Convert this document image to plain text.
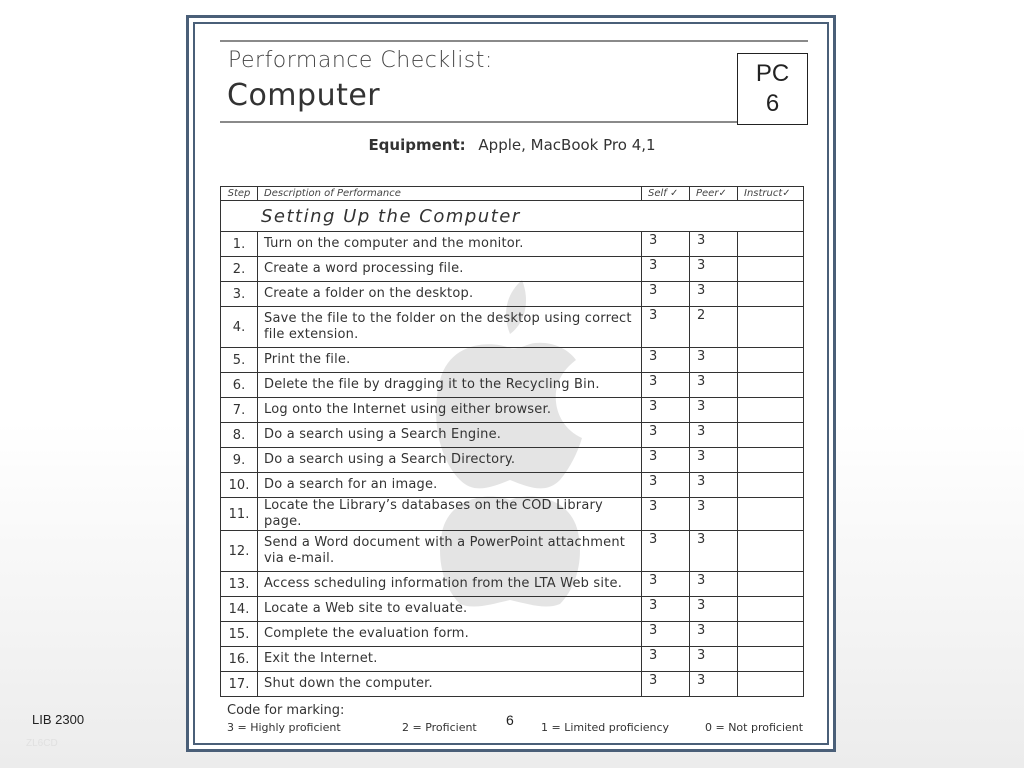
LIB 2300
ZL6CD
Performance Checklist:
Computer
PC
6
Equipment: Apple, MacBook Pro 4,1
Step	Description of Performance	Self ✓	Peer✓	Instruct✓
Setting Up the Computer				
1.	Turn on the computer and the monitor.	3	3	
2.	Create a word processing file.	3	3	
3.	Create a folder on the desktop.	3	3	
4.	Save the file to the folder on the desktop using correct file extension.	3	2	
5.	Print the file.	3	3	
6.	Delete the file by dragging it to the Recycling Bin.	3	3	
7.	Log onto the Internet using either browser.	3	3	
8.	Do a search using a Search Engine.	3	3	
9.	Do a search using a Search Directory.	3	3	
10.	Do a search for an image.	3	3	
11.	Locate the Library’s databases on the COD Library page.	3	3	
12.	Send a Word document with a PowerPoint attachment via e-mail.	3	3	
13.	Access scheduling information from the LTA Web site.	3	3	
14.	Locate a Web site to evaluate.	3	3	
15.	Complete the evaluation form.	3	3	
16.	Exit the Internet.	3	3	
17.	Shut down the computer.	3	3	
Code for marking:
3 = Highly proficient	2 = Proficient	1 = Limited proficiency	0 = Not proficient
6
